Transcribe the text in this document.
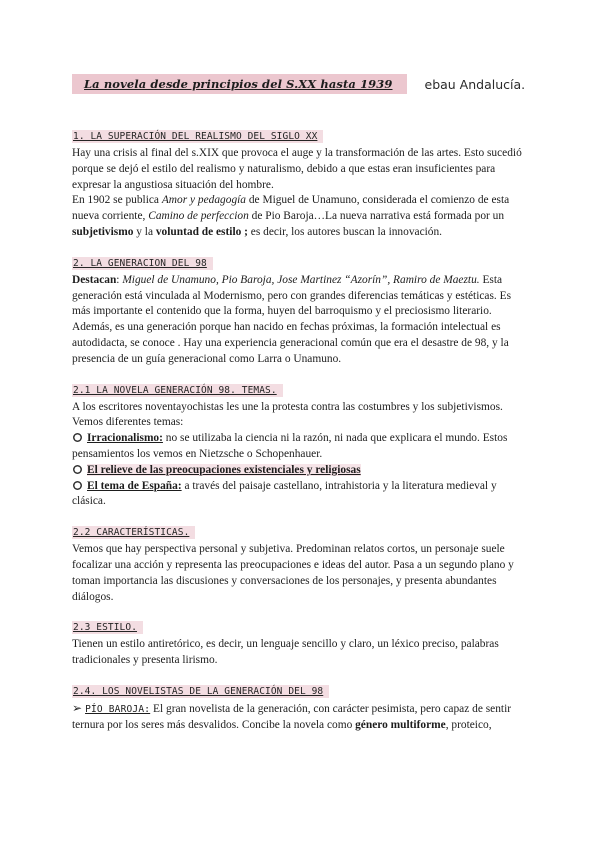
La novela desde principios del S.XX hasta 1939	ebau Andalucía.
1. LA SUPERACIÓN DEL REALISMO DEL SIGLO XX

Hay una crisis al final del s.XIX que provoca el auge y la transformación de las artes. Esto sucedió porque se dejó el estilo del realismo y naturalismo, debido a que estas eran insuficientes para expresar la angustiosa situación del hombre.

En 1902 se publica Amor y pedagogía de Miguel de Unamuno, considerada el comienzo de esta nueva corriente, Camino de perfeccion de Pio Baroja…La nueva narrativa está formada por un subjetivismo y la voluntad de estilo ; es decir, los autores buscan la innovación.

2. LA GENERACION DEL 98

Destacan: Miguel de Unamuno, Pio Baroja, Jose Martinez “Azorín”, Ramiro de Maeztu. Esta generación está vinculada al Modernismo, pero con grandes diferencias temáticas y estéticas. Es más importante el contenido que la forma, huyen del barroquismo y el preciosismo literario. Además, es una generación porque han nacido en fechas próximas, la formación intelectual es autodidacta, se conoce . Hay una experiencia generacional común que era el desastre de 98, y la presencia de un guía generacional como Larra o Unamuno.

2.1 LA NOVELA GENERACIÓN 98. TEMAS.

A los escritores noventayochistas les une la protesta contra las costumbres y los subjetivismos. Vemos diferentes temas:

Irracionalismo: no se utilizaba la ciencia ni la razón, ni nada que explicara el mundo. Estos pensamientos los vemos en Nietzsche o Schopenhauer.

El relieve de las preocupaciones existenciales y religiosas

El tema de España: a través del paisaje castellano, intrahistoria y la literatura medieval y clásica.

2.2 CARACTERÍSTICAS.

Vemos que hay perspectiva personal y subjetiva. Predominan relatos cortos, un personaje suele focalizar una acción y representa las preocupaciones e ideas del autor. Pasa a un segundo plano y toman importancia las discusiones y conversaciones de los personajes, y presenta abundantes diálogos.

2.3 ESTILO.

Tienen un estilo antiretórico, es decir, un lenguaje sencillo y claro, un léxico preciso, palabras tradicionales y presenta lirismo.

2.4. LOS NOVELISTAS DE LA GENERACIÓN DEL 98

➢ PÍO BAROJA: El gran novelista de la generación, con carácter pesimista, pero capaz de sentir ternura por los seres más desvalidos. Concibe la novela como género multiforme, proteico,
